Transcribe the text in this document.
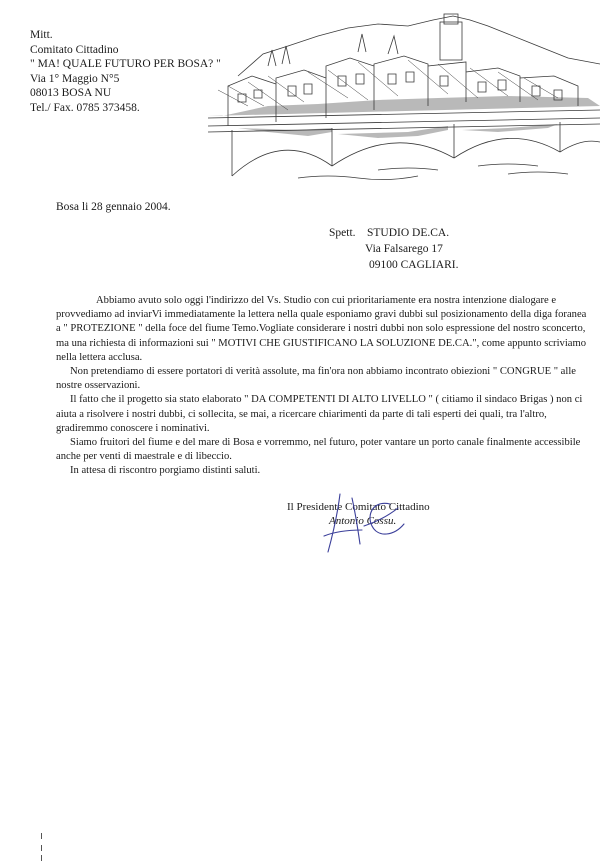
Mitt.
Comitato Cittadino
" MA! QUALE FUTURO PER BOSA? "
Via 1° Maggio N°5
08013 BOSA NU
Tel./ Fax. 0785 373458.
Bosa li 28 gennaio 2004.
Spett. STUDIO DE.CA.
Via Falsarego 17
09100 CAGLIARI.

Abbiamo avuto solo oggi l'indirizzo del Vs. Studio con cui prioritariamente era nostra intenzione dialogare e provvediamo ad inviarVi immediatamente la lettera nella quale esponiamo gravi dubbi sul posizionamento della diga foranea a " PROTEZIONE " della foce del fiume Temo.Vogliate considerare i nostri dubbi non solo espressione del nostro sconcerto, ma una richiesta di informazioni sui " MOTIVI CHE GIUSTIFICANO LA SOLUZIONE DE.CA.", come appunto scriviamo nella lettera acclusa.

Non pretendiamo di essere portatori di verità assolute, ma fin'ora non abbiamo incontrato obiezioni " CONGRUE " alle nostre osservazioni.

Il fatto che il progetto sia stato elaborato " DA COMPETENTI DI ALTO LIVELLO " ( citiamo il sindaco Brigas ) non ci aiuta a risolvere i nostri dubbi, ci sollecita, se mai, a ricercare chiarimenti da parte di tali esperti dei quali, tra l'altro, gradiremmo conoscere i nominativi.

Siamo fruitori del fiume e del mare di Bosa e vorremmo, nel futuro, poter vantare un porto canale finalmente accessibile anche per venti di maestrale e di libeccio.

In attesa di riscontro porgiamo distinti saluti.

Il Presidente Comitato Cittadino
Antonio Cossu.
